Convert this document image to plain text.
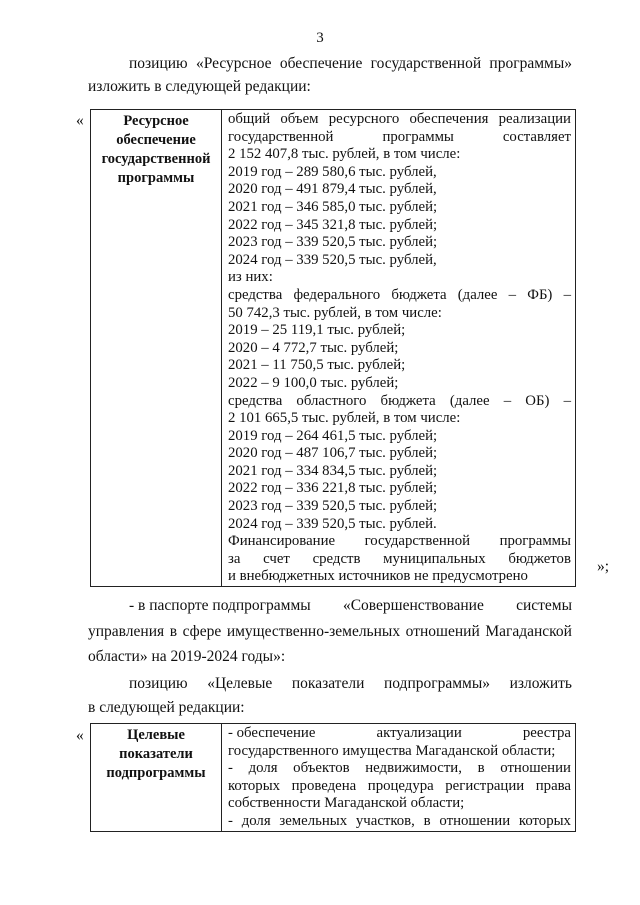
3
позицию «Ресурсное обеспечение государственной программы»
изложить в следующей редакции:
«	Ресурсное
обеспечение
государственной
программы

общий объем ресурсного обеспечения реализации
государственной	программы	составляет
2 152 407,8 тыс. рублей, в том числе:
2019 год – 289 580,6 тыс. рублей,
2020 год – 491 879,4 тыс. рублей,
2021 год – 346 585,0 тыс. рублей;
2022 год – 345 321,8 тыс. рублей;
2023 год – 339 520,5 тыс. рублей;
2024 год – 339 520,5 тыс. рублей,
из них:
средства федерального бюджета (далее – ФБ) –
50 742,3 тыс. рублей, в том числе:
2019 – 25 119,1 тыс. рублей;
2020 – 4 772,7 тыс. рублей;
2021 – 11 750,5 тыс. рублей;
2022 – 9 100,0 тыс. рублей;
средства областного бюджета (далее – ОБ) –
2 101 665,5 тыс. рублей, в том числе:
2019 год – 264 461,5 тыс. рублей;
2020 год – 487 106,7 тыс. рублей;
2021 год – 334 834,5 тыс. рублей;
2022 год – 336 221,8 тыс. рублей;
2023 год – 339 520,5 тыс. рублей;
2024 год – 339 520,5 тыс. рублей.
Финансирование государственной программы
за счет средств муниципальных бюджетов
и внебюджетных источников не предусмотрено
»;
- в паспорте подпрограммы «Совершенствование системы
управления в сфере имущественно-земельных отношений Магаданской
области» на 2019-2024 годы»:
позицию «Целевые показатели подпрограммы» изложить
в следующей редакции:
«	Целевые
показатели
подпрограммы

- обеспечение	актуализации	реестра
государственного имущества Магаданской области;
- доля объектов недвижимости, в отношении
которых проведена процедура регистрации права
собственности Магаданской области;
- доля земельных участков, в отношении которых
